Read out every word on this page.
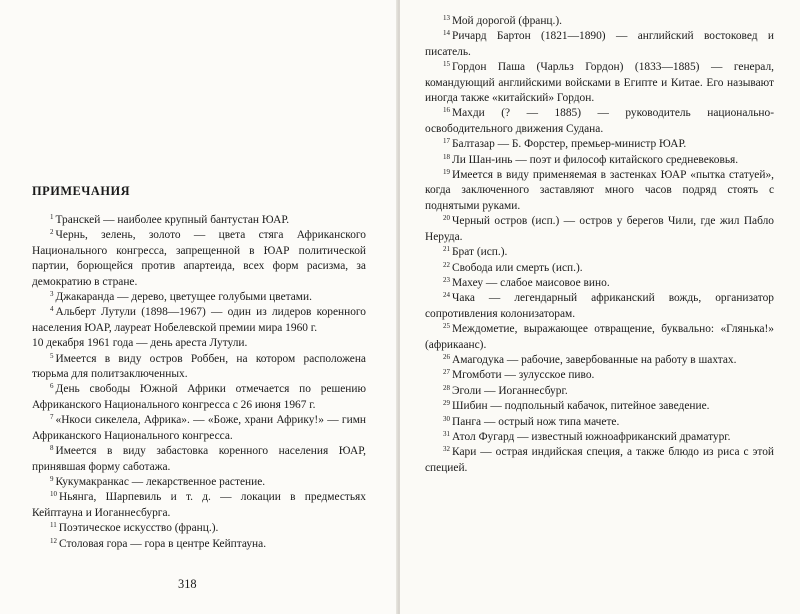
ПРИМЕЧАНИЯ

$^1$ Транскей — наиболее крупный бантустан ЮАР.

$^2$ Чернь, зелень, золото — цвета стяга Африканского Национального конгресса, запрещенной в ЮАР политической партии, борющейся против апартеида, всех форм расизма, за демократию в стране.

$^3$ Джакаранда — дерево, цветущее голубыми цветами.

$^4$ Альберт Лутули (1898—1967) — один из лидеров коренного населения ЮАР, лауреат Нобелевской премии мира 1960 г.

10 декабря 1961 года — день ареста Лутули.

$^5$ Имеется в виду остров Роббен, на котором расположена тюрьма для политзаключенных.

$^6$ День свободы Южной Африки отмечается по решению Африканского Национального конгресса с 26 июня 1967 г.

$^7$ «Нкоси сикелела, Африка». — «Боже, храни Африку!» — гимн Африканского Национального конгресса.

$^8$ Имеется в виду забастовка коренного населения ЮАР, принявшая форму саботажа.

$^9$ Кукумакранкас — лекарственное растение.

$^{10}$ Ньянга, Шарпевиль и т. д. — локации в предместьях Кейптауна и Иоганнесбурга.

$^{11}$ Поэтическое искусство (франц.).

$^{12}$ Столовая гора — гора в центре Кейптауна.

318

$^{13}$ Мой дорогой (франц.).

$^{14}$ Ричард Бартон (1821—1890) — английский востоковед и писатель.

$^{15}$ Гордон Паша (Чарльз Гордон) (1833—1885) — генерал, командующий английскими войсками в Египте и Китае. Его называют иногда также «китайский» Гордон.

$^{16}$ Махди (? — 1885) — руководитель национально-освободительного движения Судана.

$^{17}$ Балтазар — Б. Форстер, премьер-министр ЮАР.

$^{18}$ Ли Шан-инь — поэт и философ китайского средневековья.

$^{19}$ Имеется в виду применяемая в застенках ЮАР «пытка статуей», когда заключенного заставляют много часов подряд стоять с поднятыми руками.

$^{20}$ Черный остров (исп.) — остров у берегов Чили, где жил Пабло Неруда.

$^{21}$ Брат (исп.).

$^{22}$ Свобода или смерть (исп.).

$^{23}$ Махеу — слабое маисовое вино.

$^{24}$ Чака — легендарный африканский вождь, организатор сопротивления колонизаторам.

$^{25}$ Междометие, выражающее отвращение, буквально: «Глянька!» (африкаанс).

$^{26}$ Амагодука — рабочие, завербованные на работу в шахтах.

$^{27}$ Мгомботи — зулусское пиво.

$^{28}$ Эголи — Иоганнесбург.

$^{29}$ Шибин — подпольный кабачок, питейное заведение.

$^{30}$ Панга — острый нож типа мачете.

$^{31}$ Атол Фугард — известный южноафриканский драматург.

$^{32}$ Кари — острая индийская специя, а также блюдо из риса с этой специей.
